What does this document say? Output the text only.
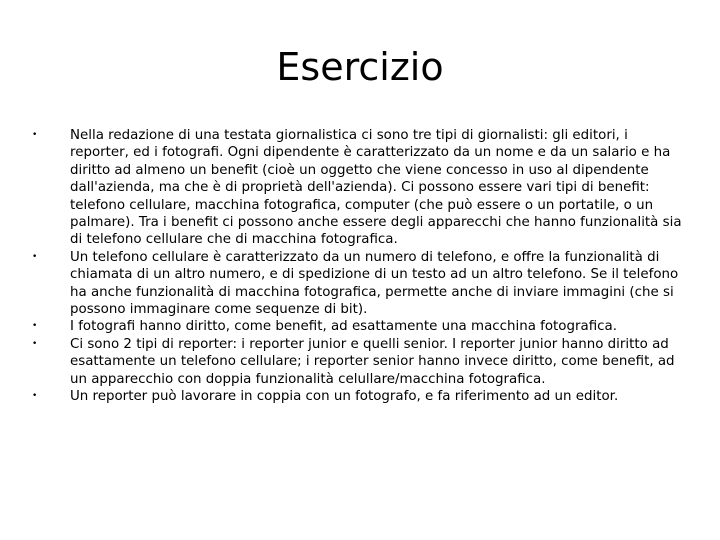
Esercizio
•	Nella redazione di una testata giornalistica ci sono tre tipi di giornalisti: gli editori, i reporter, ed i fotografi. Ogni dipendente è caratterizzato da un nome e da un salario e ha diritto ad almeno un benefit (cioè un oggetto che viene concesso in uso al dipendente dall'azienda, ma che è di proprietà dell'azienda). Ci possono essere vari tipi di benefit: telefono cellulare, macchina fotografica, computer (che può essere o un portatile, o un palmare). Tra i benefit ci possono anche essere degli apparecchi che hanno funzionalità sia di telefono cellulare che di macchina fotografica.
•	Un telefono cellulare è caratterizzato da un numero di telefono, e offre la funzionalità di chiamata di un altro numero, e di spedizione di un testo ad un altro telefono. Se il telefono ha anche funzionalità di macchina fotografica, permette anche di inviare immagini (che si possono immaginare come sequenze di bit).
•	I fotografi hanno diritto, come benefit, ad esattamente una macchina fotografica.
•	Ci sono 2 tipi di reporter: i reporter junior e quelli senior. I reporter junior hanno diritto ad esattamente un telefono cellulare; i reporter senior hanno invece diritto, come benefit, ad un apparecchio con doppia funzionalità celullare/macchina fotografica.
•	Un reporter può lavorare in coppia con un fotografo, e fa riferimento ad un editor.
